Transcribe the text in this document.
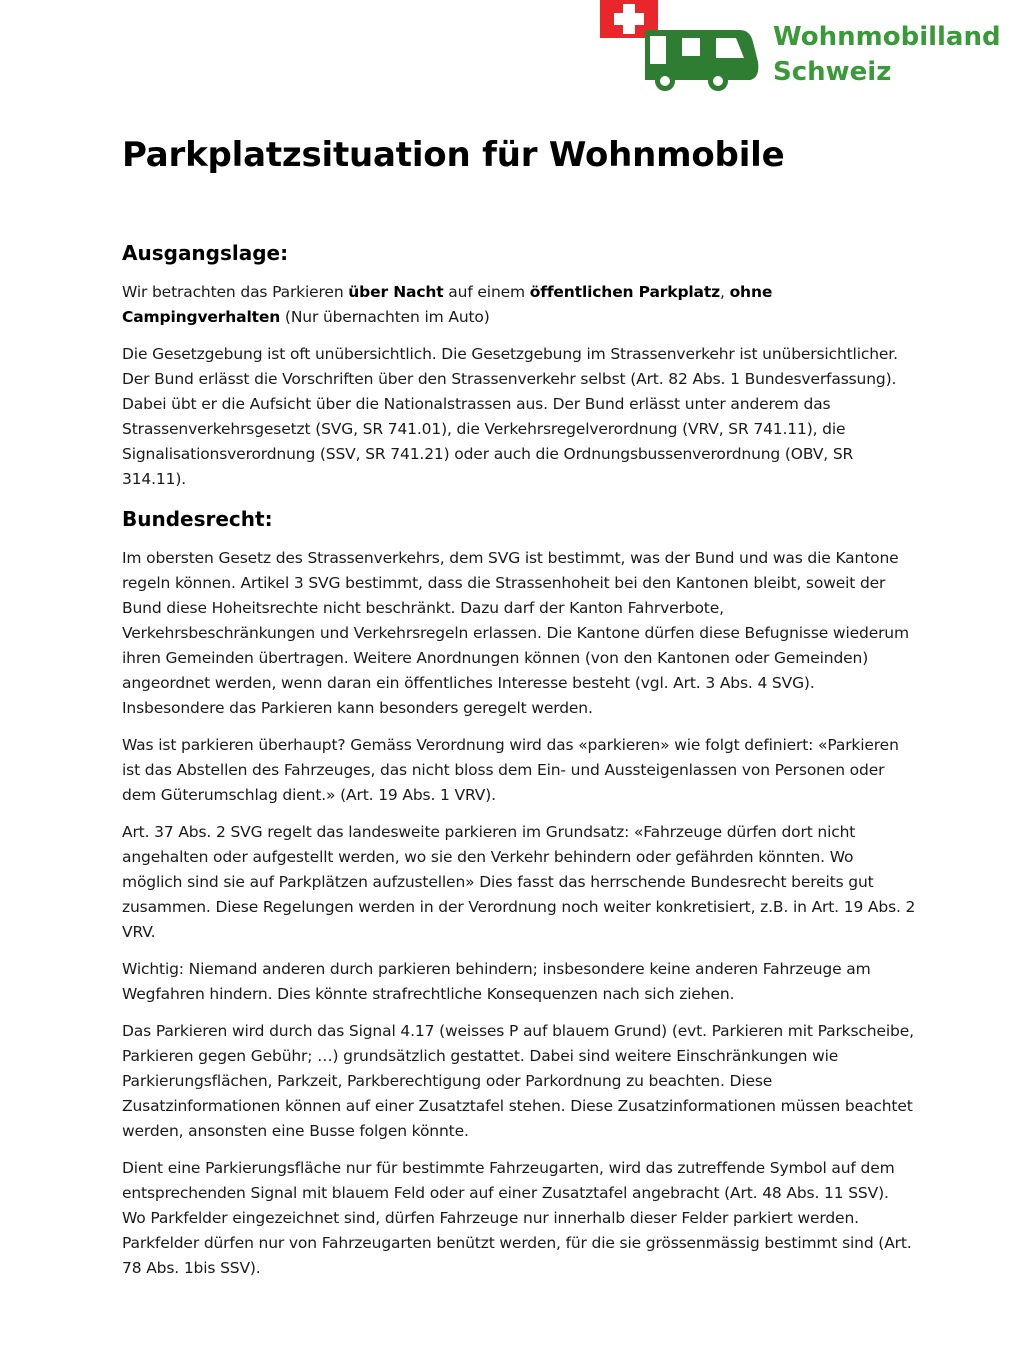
Wohnmobilland
Schweiz
Parkplatzsituation für Wohnmobile
Ausgangslage:

Wir betrachten das Parkieren über Nacht auf einem öffentlichen Parkplatz, ohne Campingverhalten (Nur übernachten im Auto)

Die Gesetzgebung ist oft unübersichtlich. Die Gesetzgebung im Strassenverkehr ist unübersichtlicher. Der Bund erlässt die Vorschriften über den Strassenverkehr selbst (Art. 82 Abs. 1 Bundesverfassung). Dabei übt er die Aufsicht über die Nationalstrassen aus. Der Bund erlässt unter anderem das Strassenverkehrsgesetzt (SVG, SR 741.01), die Verkehrsregelverordnung (VRV, SR 741.11), die Signalisationsverordnung (SSV, SR 741.21) oder auch die Ordnungsbussenverordnung (OBV, SR 314.11).

Bundesrecht:

Im obersten Gesetz des Strassenverkehrs, dem SVG ist bestimmt, was der Bund und was die Kantone regeln können. Artikel 3 SVG bestimmt, dass die Strassenhoheit bei den Kantonen bleibt, soweit der Bund diese Hoheitsrechte nicht beschränkt. Dazu darf der Kanton Fahrverbote, Verkehrsbeschränkungen und Verkehrsregeln erlassen. Die Kantone dürfen diese Befugnisse wiederum ihren Gemeinden übertragen. Weitere Anordnungen können (von den Kantonen oder Gemeinden) angeordnet werden, wenn daran ein öffentliches Interesse besteht (vgl. Art. 3 Abs. 4 SVG). Insbesondere das Parkieren kann besonders geregelt werden.

Was ist parkieren überhaupt? Gemäss Verordnung wird das «parkieren» wie folgt definiert: «Parkieren ist das Abstellen des Fahrzeuges, das nicht bloss dem Ein- und Aussteigenlassen von Personen oder dem Güterumschlag dient.» (Art. 19 Abs. 1 VRV).

Art. 37 Abs. 2 SVG regelt das landesweite parkieren im Grundsatz: «Fahrzeuge dürfen dort nicht angehalten oder aufgestellt werden, wo sie den Verkehr behindern oder gefährden könnten. Wo möglich sind sie auf Parkplätzen aufzustellen» Dies fasst das herrschende Bundesrecht bereits gut zusammen. Diese Regelungen werden in der Verordnung noch weiter konkretisiert, z.B. in Art. 19 Abs. 2 VRV.

Wichtig: Niemand anderen durch parkieren behindern; insbesondere keine anderen Fahrzeuge am Wegfahren hindern. Dies könnte strafrechtliche Konsequenzen nach sich ziehen.

Das Parkieren wird durch das Signal 4.17 (weisses P auf blauem Grund) (evt. Parkieren mit Parkscheibe, Parkieren gegen Gebühr; …) grundsätzlich gestattet. Dabei sind weitere Einschränkungen wie Parkierungsflächen, Parkzeit, Parkberechtigung oder Parkordnung zu beachten. Diese Zusatzinformationen können auf einer Zusatztafel stehen. Diese Zusatzinformationen müssen beachtet werden, ansonsten eine Busse folgen könnte.

Dient eine Parkierungsfläche nur für bestimmte Fahrzeugarten, wird das zutreffende Symbol auf dem entsprechenden Signal mit blauem Feld oder auf einer Zusatztafel angebracht (Art. 48 Abs. 11 SSV). Wo Parkfelder eingezeichnet sind, dürfen Fahrzeuge nur innerhalb dieser Felder parkiert werden. Parkfelder dürfen nur von Fahrzeugarten benützt werden, für die sie grössenmässig bestimmt sind (Art. 78 Abs. 1bis SSV).
